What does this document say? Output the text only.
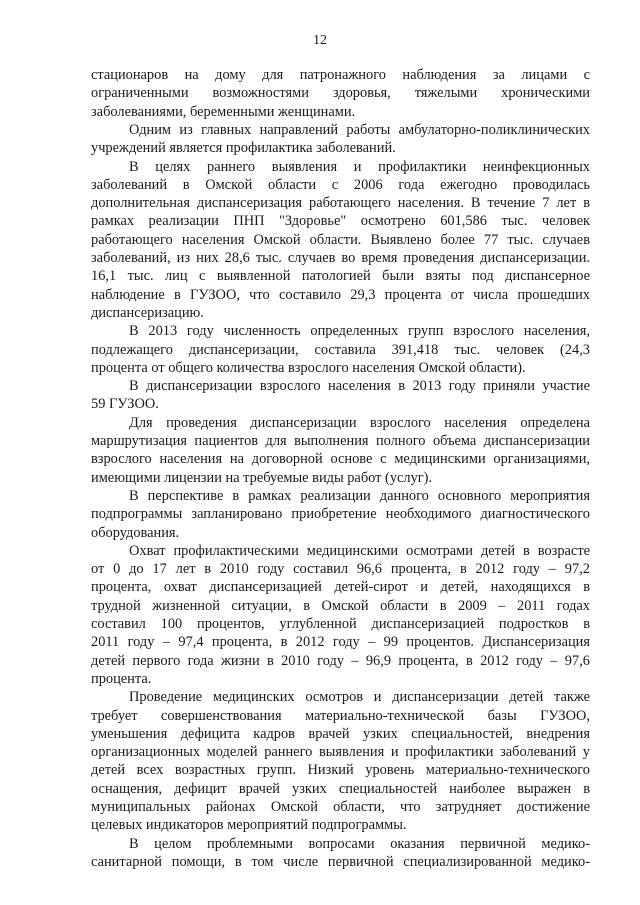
12
стационаров на дому для патронажного наблюдения за лицами с
ограниченными возможностями здоровья, тяжелыми хроническими
заболеваниями, беременными женщинами.
Одним из главных направлений работы амбулаторно-поликлинических
учреждений является профилактика заболеваний.
В целях раннего выявления и профилактики неинфекционных
заболеваний в Омской области с 2006 года ежегодно проводилась
дополнительная диспансеризация работающего населения. В течение 7 лет в
рамках реализации ПНП "Здоровье" осмотрено 601,586 тыс. человек
работающего населения Омской области. Выявлено более 77 тыс. случаев
заболеваний, из них 28,6 тыс. случаев во время проведения диспансеризации.
16,1 тыс. лиц с выявленной патологией были взяты под диспансерное
наблюдение в ГУЗОО, что составило 29,3 процента от числа прошедших
диспансеризацию.
В 2013 году численность определенных групп взрослого населения,
подлежащего диспансеризации, составила 391,418 тыс. человек (24,3
процента от общего количества взрослого населения Омской области).
В диспансеризации взрослого населения в 2013 году приняли участие
59 ГУЗОО.
Для проведения диспансеризации взрослого населения определена
маршрутизация пациентов для выполнения полного объема диспансеризации
взрослого населения на договорной основе с медицинскими организациями,
имеющими лицензии на требуемые виды работ (услуг).
В перспективе в рамках реализации данного основного мероприятия
подпрограммы запланировано приобретение необходимого диагностического
оборудования.
Охват профилактическими медицинскими осмотрами детей в возрасте
от 0 до 17 лет в 2010 году составил 96,6 процента, в 2012 году – 97,2
процента, охват диспансеризацией детей-сирот и детей, находящихся в
трудной жизненной ситуации, в Омской области в 2009 – 2011 годах
составил 100 процентов, углубленной диспансеризацией подростков в
2011 году – 97,4 процента, в 2012 году – 99 процентов. Диспансеризация
детей первого года жизни в 2010 году – 96,9 процента, в 2012 году – 97,6
процента.
Проведение медицинских осмотров и диспансеризации детей также
требует совершенствования материально-технической базы ГУЗОО,
уменьшения дефицита кадров врачей узких специальностей, внедрения
организационных моделей раннего выявления и профилактики заболеваний у
детей всех возрастных групп. Низкий уровень материально-технического
оснащения, дефицит врачей узких специальностей наиболее выражен в
муниципальных районах Омской области, что затрудняет достижение
целевых индикаторов мероприятий подпрограммы.
В целом проблемными вопросами оказания первичной медико-
санитарной помощи, в том числе первичной специализированной медико-
